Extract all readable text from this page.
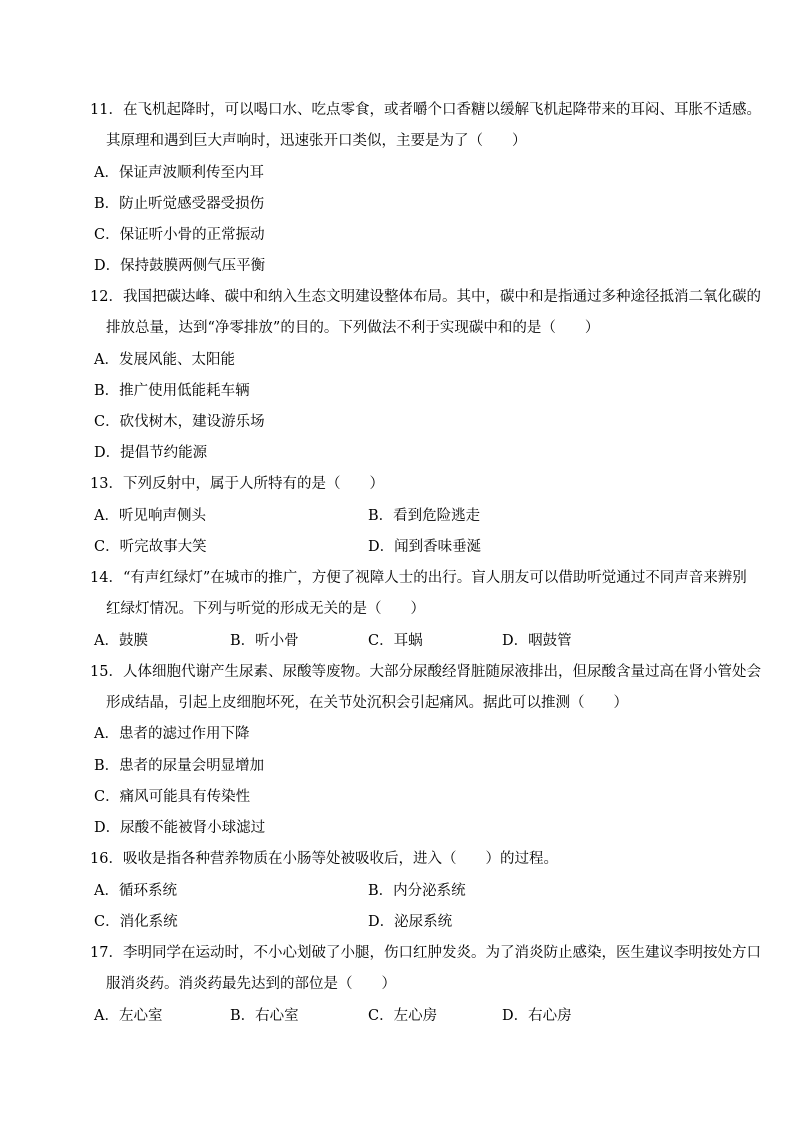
11．在飞机起降时，可以喝口水、吃点零食，或者嚼个口香糖以缓解飞机起降带来的耳闷、耳胀不适感。
其原理和遇到巨大声响时，迅速张开口类似，主要是为了（　　）
A．保证声波顺利传至内耳
B．防止听觉感受器受损伤
C．保证听小骨的正常振动
D．保持鼓膜两侧气压平衡
12．我国把碳达峰、碳中和纳入生态文明建设整体布局。其中，碳中和是指通过多种途径抵消二氧化碳的
排放总量，达到“净零排放”的目的。下列做法不利于实现碳中和的是（　　）
A．发展风能、太阳能
B．推广使用低能耗车辆
C．砍伐树木，建设游乐场
D．提倡节约能源
13．下列反射中，属于人所特有的是（　　）
A．听见响声侧头	B．看到危险逃走
C．听完故事大笑	D．闻到香味垂涎
14．“有声红绿灯”在城市的推广，方便了视障人士的出行。盲人朋友可以借助听觉通过不同声音来辨别
红绿灯情况。下列与听觉的形成无关的是（　　）
A．鼓膜	B．听小骨	C．耳蜗	D．咽鼓管
15．人体细胞代谢产生尿素、尿酸等废物。大部分尿酸经肾脏随尿液排出，但尿酸含量过高在肾小管处会
形成结晶，引起上皮细胞坏死，在关节处沉积会引起痛风。据此可以推测（　　）
A．患者的滤过作用下降
B．患者的尿量会明显增加
C．痛风可能具有传染性
D．尿酸不能被肾小球滤过
16．吸收是指各种营养物质在小肠等处被吸收后，进入（　　）的过程。
A．循环系统	B．内分泌系统
C．消化系统	D．泌尿系统
17．李明同学在运动时，不小心划破了小腿，伤口红肿发炎。为了消炎防止感染，医生建议李明按处方口
服消炎药。消炎药最先达到的部位是（　　）
A．左心室	B．右心室	C．左心房	D．右心房
